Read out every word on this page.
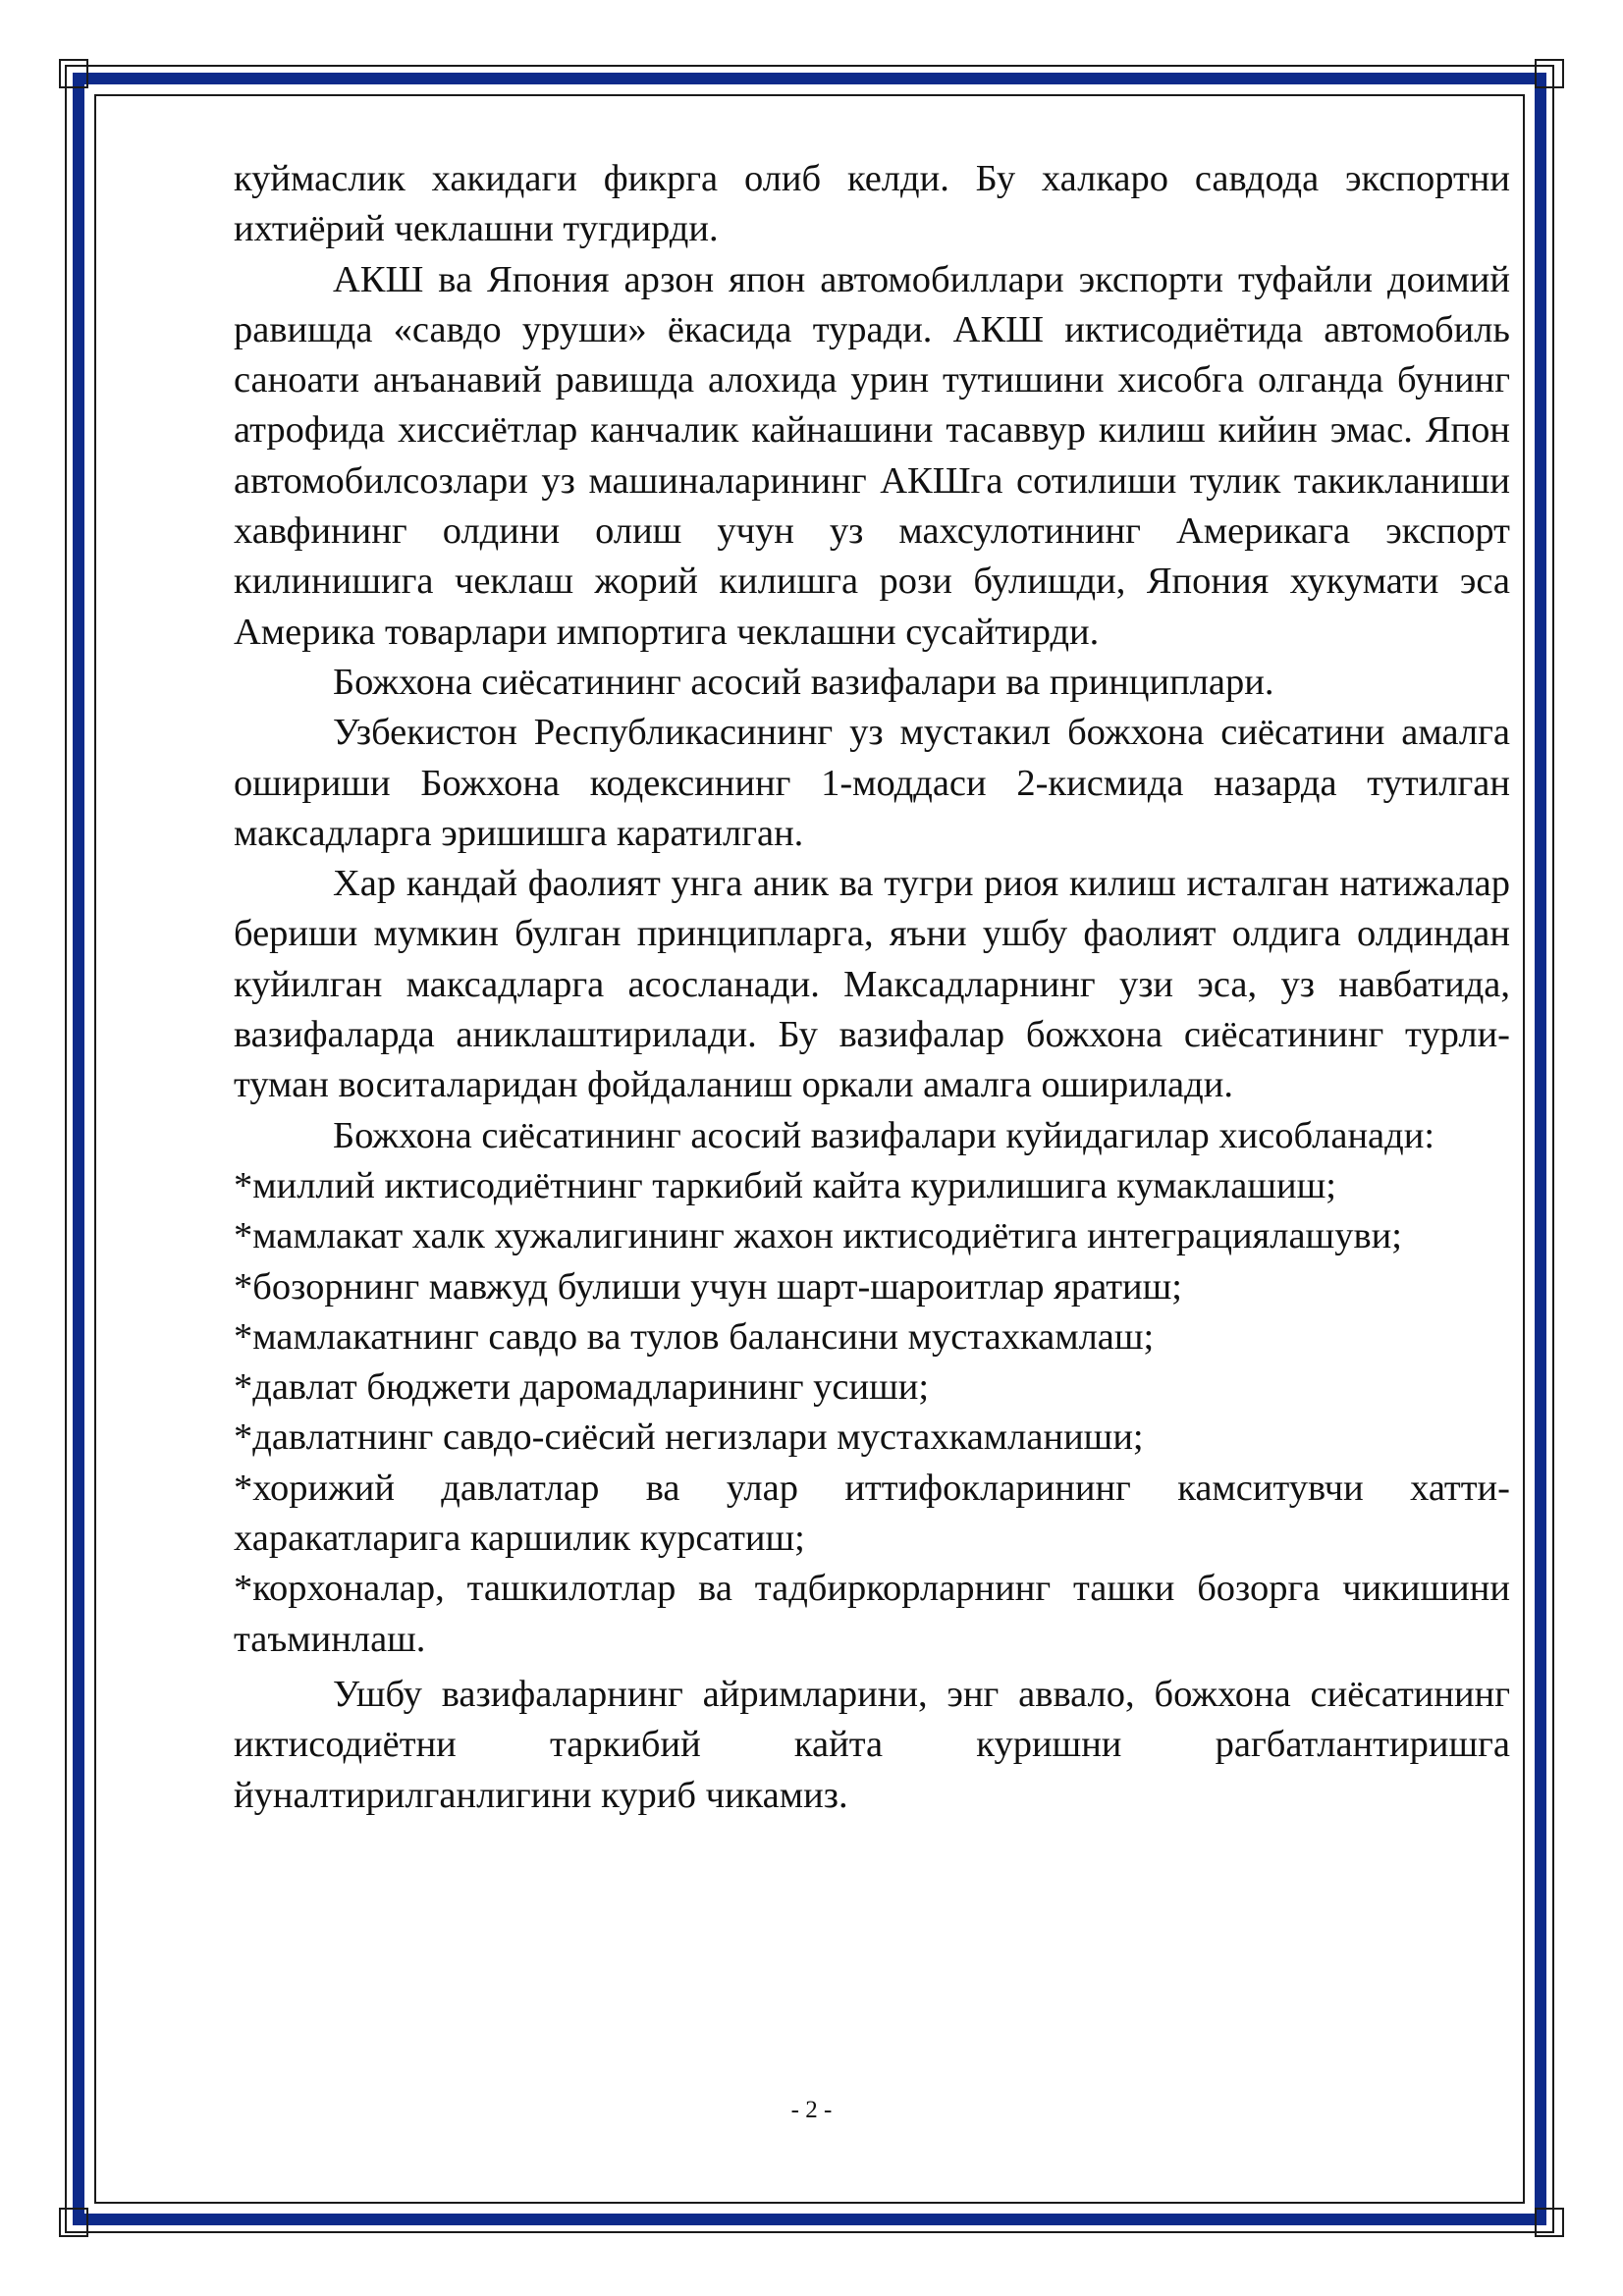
куймаслик хакидаги фикрга олиб келди. Бу халкаро савдода экспортни ихтиёрий чеклашни тугдирди.

АКШ ва Япония арзон япон автомобиллари экспорти туфайли доимий равишда «савдо уруши» ёкасида туради. АКШ иктисодиётида автомобиль саноати анъанавий равишда алохида урин тутишини хисобга олганда бунинг атрофида хиссиётлар канчалик кайнашини тасаввур килиш кийин эмас. Япон автомобилсозлари уз машиналарининг АКШга сотилиши тулик такикланиши хавфининг олдини олиш учун уз махсулотининг Америкага экспорт килинишига чеклаш жорий килишга рози булишди, Япония хукумати эса Америка товарлари импортига чеклашни сусайтирди.

Божхона сиёсатининг асосий вазифалари ва принциплари.

Узбекистон Республикасининг уз мустакил божхона сиёсатини амалга ошириши Божхона кодексининг 1-моддаси 2-кисмида назарда тутилган максадларга эришишга каратилган.

Хар кандай фаолият унга аник ва тугри риоя килиш исталган натижалар бериши мумкин булган принципларга, яъни ушбу фаолият олдига олдиндан куйилган максадларга асосланади. Максадларнинг узи эса, уз навбатида, вазифаларда аниклаштирилади. Бу вазифалар божхона сиёсатининг турли-туман воситаларидан фойдаланиш оркали амалга оширилади.

Божхона сиёсатининг асосий вазифалари куйидагилар хисобланади:

*миллий иктисодиётнинг таркибий кайта курилишига кумаклашиш;

*мамлакат халк хужалигининг жахон иктисодиётига интеграциялашуви;

*бозорнинг мавжуд булиши учун шарт-шароитлар яратиш;

*мамлакатнинг савдо ва тулов балансини мустахкамлаш;

*давлат бюджети даромадларининг усиши;

*давлатнинг савдо-сиёсий негизлари мустахкамланиши;

*хорижий давлатлар ва улар иттифокларининг камситувчи хатти-харакатларига каршилик курсатиш;

*корхоналар, ташкилотлар ва тадбиркорларнинг ташки бозорга чикишини таъминлаш.

Ушбу вазифаларнинг айримларини, энг аввало, божхона сиёсатининг иктисодиётни таркибий кайта куришни рагбатлантиришга йуналтирилганлигини куриб чикамиз.

- 2 -
